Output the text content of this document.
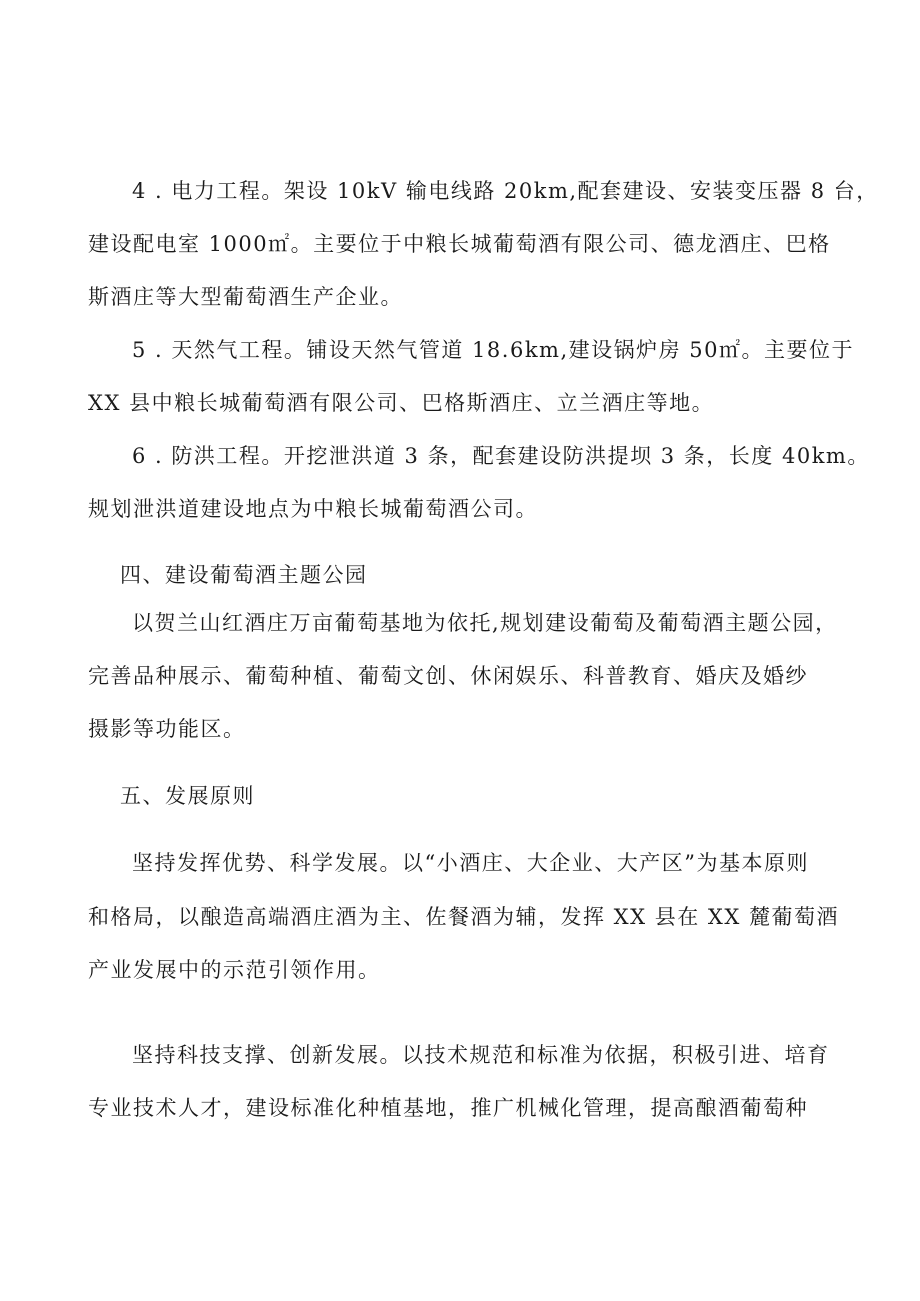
4 . 电力工程。架设 10kV 输电线路 20km,配套建设、安装变压器 8 台，
建设配电室 1000㎡。主要位于中粮长城葡萄酒有限公司、德龙酒庄、巴格
斯酒庄等大型葡萄酒生产企业。
5 . 天然气工程。铺设天然气管道 18.6km,建设锅炉房 50㎡。主要位于
XX 县中粮长城葡萄酒有限公司、巴格斯酒庄、立兰酒庄等地。
6 . 防洪工程。开挖泄洪道 3 条，配套建设防洪提坝 3 条，长度 40km。
规划泄洪道建设地点为中粮长城葡萄酒公司。
四、建设葡萄酒主题公园
以贺兰山红酒庄万亩葡萄基地为依托,规划建设葡萄及葡萄酒主题公园，
完善品种展示、葡萄种植、葡萄文创、休闲娱乐、科普教育、婚庆及婚纱
摄影等功能区。
五、发展原则
坚持发挥优势、科学发展。以“小酒庄、大企业、大产区”为基本原则
和格局，以酿造高端酒庄酒为主、佐餐酒为辅，发挥 XX 县在 XX 麓葡萄酒
产业发展中的示范引领作用。
坚持科技支撑、创新发展。以技术规范和标准为依据，积极引进、培育
专业技术人才，建设标准化种植基地，推广机械化管理，提高酿酒葡萄种
